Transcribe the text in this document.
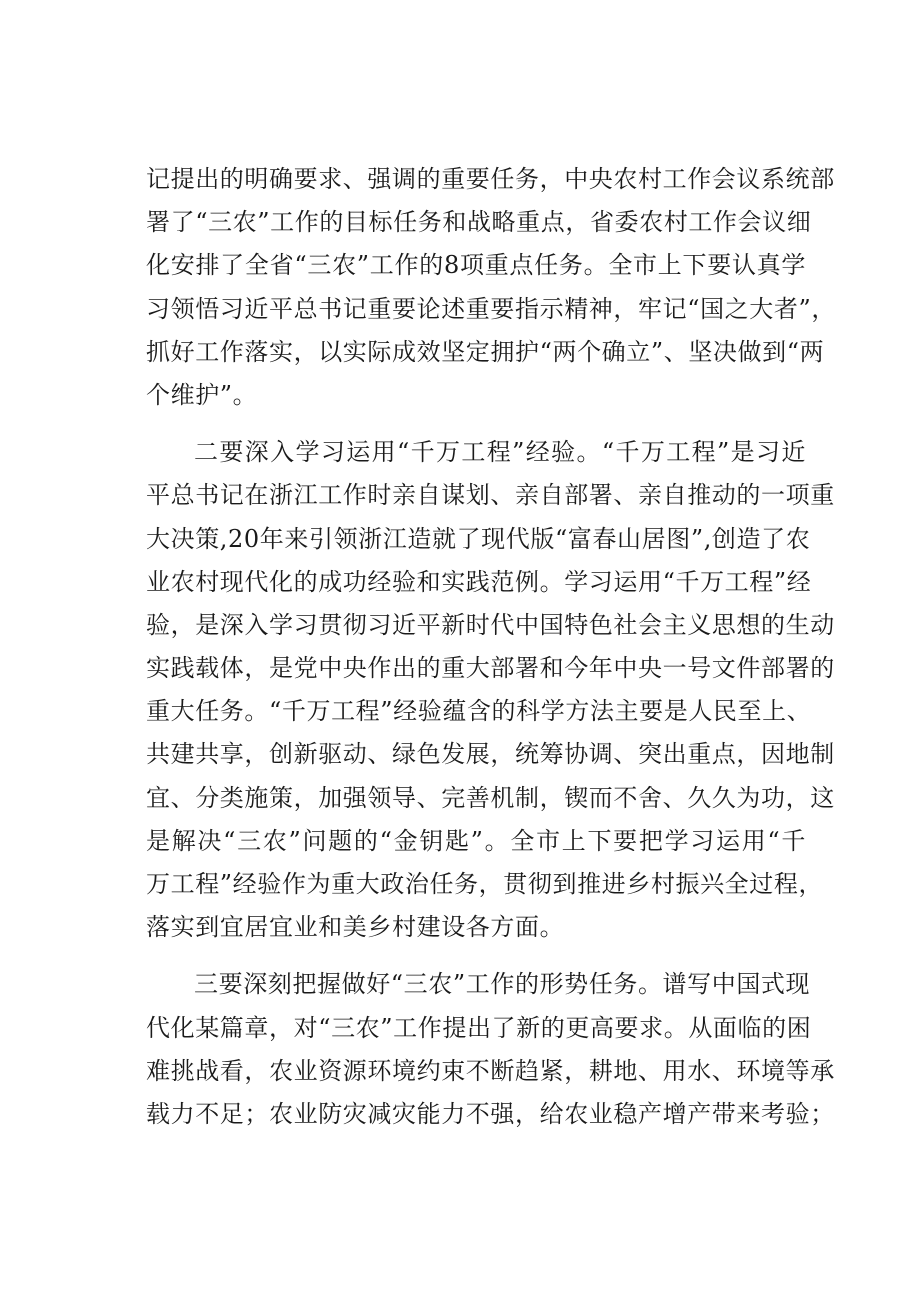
记提出的明确要求、强调的重要任务，中央农村工作会议系统部
署了“三农”工作的目标任务和战略重点，省委农村工作会议细
化安排了全省“三农”工作的8项重点任务。全市上下要认真学
习领悟习近平总书记重要论述重要指示精神，牢记“国之大者”，
抓好工作落实，以实际成效坚定拥护“两个确立”、坚决做到“两
个维护”。
二要深入学习运用“千万工程”经验。“千万工程”是习近
平总书记在浙江工作时亲自谋划、亲自部署、亲自推动的一项重
大决策,20年来引领浙江造就了现代版“富春山居图”,创造了农
业农村现代化的成功经验和实践范例。学习运用“千万工程”经
验，是深入学习贯彻习近平新时代中国特色社会主义思想的生动
实践载体，是党中央作出的重大部署和今年中央一号文件部署的
重大任务。“千万工程”经验蕴含的科学方法主要是人民至上、
共建共享，创新驱动、绿色发展，统筹协调、突出重点，因地制
宜、分类施策，加强领导、完善机制，锲而不舍、久久为功，这
是解决“三农”问题的“金钥匙”。全市上下要把学习运用“千
万工程”经验作为重大政治任务，贯彻到推进乡村振兴全过程，
落实到宜居宜业和美乡村建设各方面。
三要深刻把握做好“三农”工作的形势任务。谱写中国式现
代化某篇章，对“三农”工作提出了新的更高要求。从面临的困
难挑战看，农业资源环境约束不断趋紧，耕地、用水、环境等承
载力不足；农业防灾减灾能力不强，给农业稳产增产带来考验；
